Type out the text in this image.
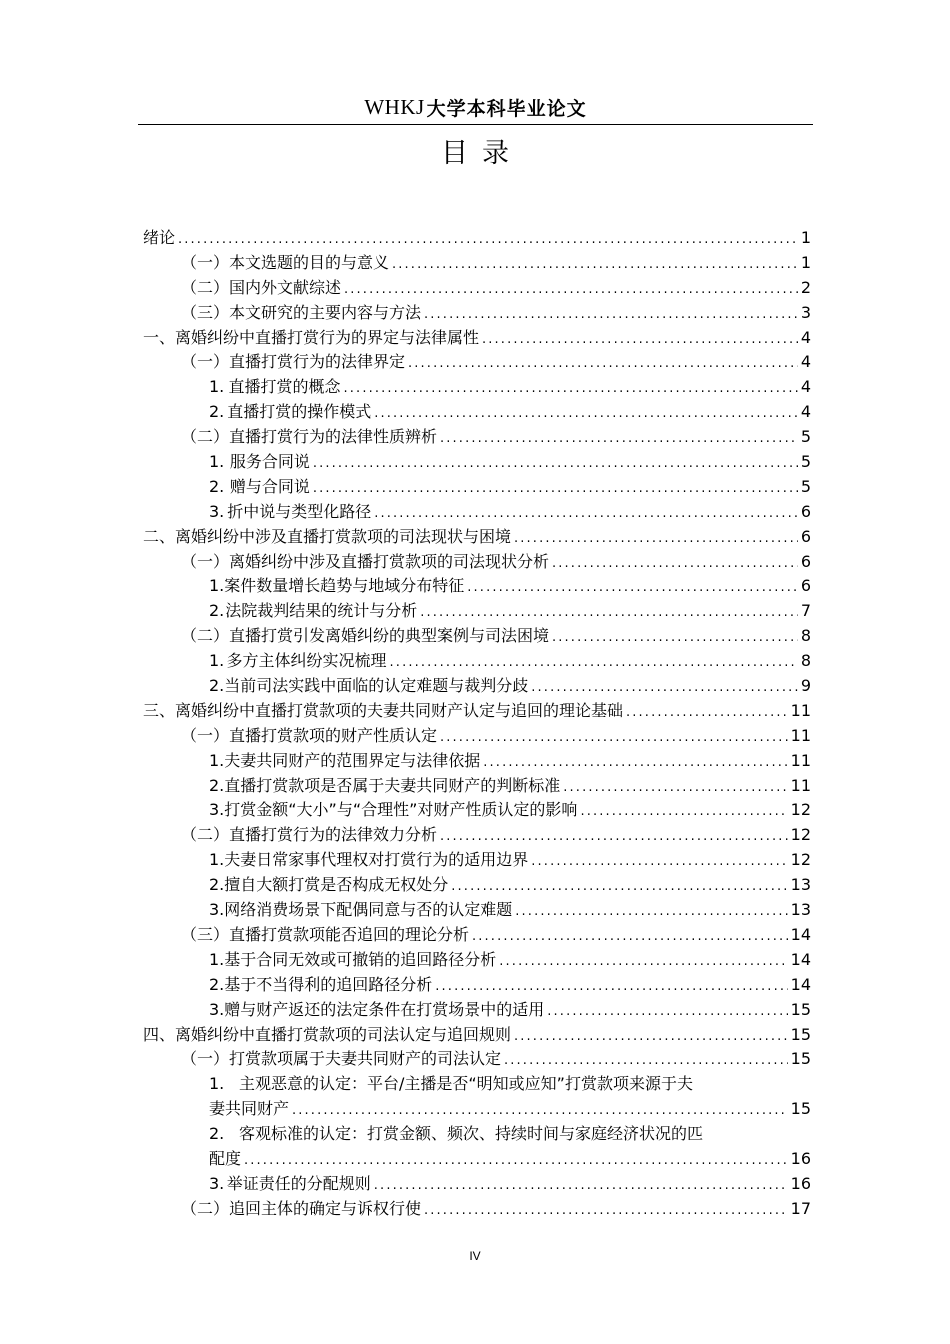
WHKJ 大学本科毕业论文
目录
绪论 . . .	1
（一）本文选题的目的与意义 . . .	1
（二）国内外文献综述 . . .	2
（三）本文研究的主要内容与方法 . . .	3
一、离婚纠纷中直播打赏行为的界定与法律属性 . . .	4
（一）直播打赏行为的法律界定 . . .	4
1. 直播打赏的概念 . . .	4
2. 直播打赏的操作模式 . . .	4
（二）直播打赏行为的法律性质辨析 . . .	5
1. 服务合同说 . . .	5
2. 赠与合同说 . . .	5
3. 折中说与类型化路径 . . .	6
二、离婚纠纷中涉及直播打赏款项的司法现状与困境 . . .	6
（一）离婚纠纷中涉及直播打赏款项的司法现状分析 . . .	6
1. 案件数量增长趋势与地域分布特征 . . .	6
2. 法院裁判结果的统计与分析 . . .	7
（二）直播打赏引发离婚纠纷的典型案例与司法困境 . . .	8
1. 多方主体纠纷实况梳理 . . .	8
2. 当前司法实践中面临的认定难题与裁判分歧 . . .	9
三、离婚纠纷中直播打赏款项的夫妻共同财产认定与追回的理论基础 . . .	11
（一）直播打赏款项的财产性质认定 . . .	11
1. 夫妻共同财产的范围界定与法律依据 . . .	11
2. 直播打赏款项是否属于夫妻共同财产的判断标准 . . .	11
3. 打赏金额“大小”与“合理性”对财产性质认定的影响 . . .	12
（二）直播打赏行为的法律效力分析 . . .	12
1. 夫妻日常家事代理权对打赏行为的适用边界 . . .	12
2. 擅自大额打赏是否构成无权处分 . . .	13
3. 网络消费场景下配偶同意与否的认定难题 . . .	13
（三）直播打赏款项能否追回的理论分析 . . .	14
1. 基于合同无效或可撤销的追回路径分析 . . .	14
2. 基于不当得利的追回路径分析 . . .	14
3. 赠与财产返还的法定条件在打赏场景中的适用 . . .	15
四、离婚纠纷中直播打赏款项的司法认定与追回规则 . . .	15
（一）打赏款项属于夫妻共同财产的司法认定 . . .	15
1. 主观恶意的认定：平台/主播是否“明知或应知”打赏款项来源于夫
妻共同财产 . . .	15
2. 客观标准的认定：打赏金额、频次、持续时间与家庭经济状况的匹
配度 . . .	16
3. 举证责任的分配规则 . . .	16
（二）追回主体的确定与诉权行使 . . .	17
IV
